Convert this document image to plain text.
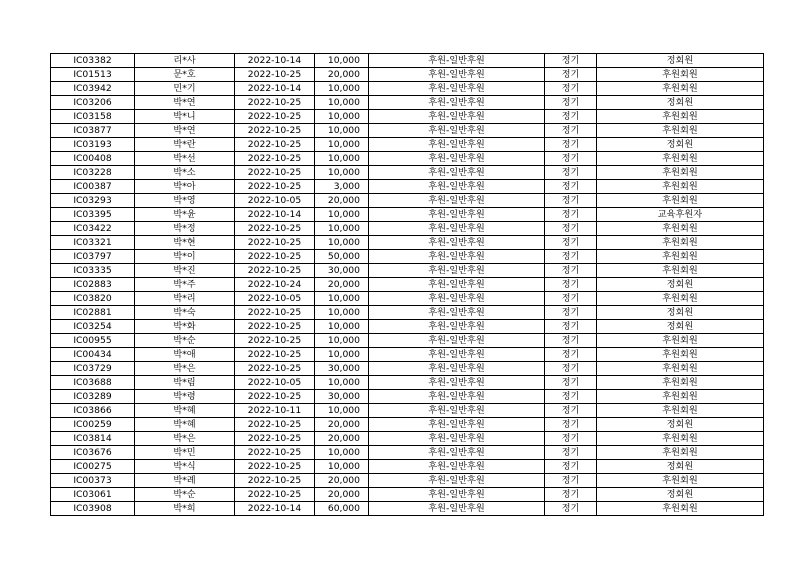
IC03382	리*사	2022-10-14	10,000	후원-일반후원	정기	정회원
IC01513	문*호	2022-10-25	20,000	후원-일반후원	정기	후원회원
IC03942	민*기	2022-10-14	10,000	후원-일반후원	정기	후원회원
IC03206	박*연	2022-10-25	10,000	후원-일반후원	정기	정회원
IC03158	박*니	2022-10-25	10,000	후원-일반후원	정기	후원회원
IC03877	박*연	2022-10-25	10,000	후원-일반후원	정기	후원회원
IC03193	박*란	2022-10-25	10,000	후원-일반후원	정기	정회원
IC00408	박*선	2022-10-25	10,000	후원-일반후원	정기	후원회원
IC03228	박*소	2022-10-25	10,000	후원-일반후원	정기	후원회원
IC00387	박*아	2022-10-25	3,000	후원-일반후원	정기	후원회원
IC03293	박*영	2022-10-05	20,000	후원-일반후원	정기	후원회원
IC03395	박*윤	2022-10-14	10,000	후원-일반후원	정기	교육후원자
IC03422	박*정	2022-10-25	10,000	후원-일반후원	정기	후원회원
IC03321	박*현	2022-10-25	10,000	후원-일반후원	정기	후원회원
IC03797	박*이	2022-10-25	50,000	후원-일반후원	정기	후원회원
IC03335	박*진	2022-10-25	30,000	후원-일반후원	정기	후원회원
IC02883	박*주	2022-10-24	20,000	후원-일반후원	정기	정회원
IC03820	박*리	2022-10-05	10,000	후원-일반후원	정기	후원회원
IC02881	박*숙	2022-10-25	10,000	후원-일반후원	정기	정회원
IC03254	박*화	2022-10-25	10,000	후원-일반후원	정기	정회원
IC00955	박*순	2022-10-25	10,000	후원-일반후원	정기	후원회원
IC00434	박*애	2022-10-25	10,000	후원-일반후원	정기	후원회원
IC03729	박*은	2022-10-25	30,000	후원-일반후원	정기	후원회원
IC03688	박*림	2022-10-05	10,000	후원-일반후원	정기	후원회원
IC03289	박*령	2022-10-25	30,000	후원-일반후원	정기	후원회원
IC03866	박*혜	2022-10-11	10,000	후원-일반후원	정기	후원회원
IC00259	박*혜	2022-10-25	20,000	후원-일반후원	정기	정회원
IC03814	박*은	2022-10-25	20,000	후원-일반후원	정기	후원회원
IC03676	박*민	2022-10-25	10,000	후원-일반후원	정기	후원회원
IC00275	박*식	2022-10-25	10,000	후원-일반후원	정기	정회원
IC00373	박*례	2022-10-25	20,000	후원-일반후원	정기	후원회원
IC03061	박*순	2022-10-25	20,000	후원-일반후원	정기	정회원
IC03908	박*희	2022-10-14	60,000	후원-일반후원	정기	후원회원
